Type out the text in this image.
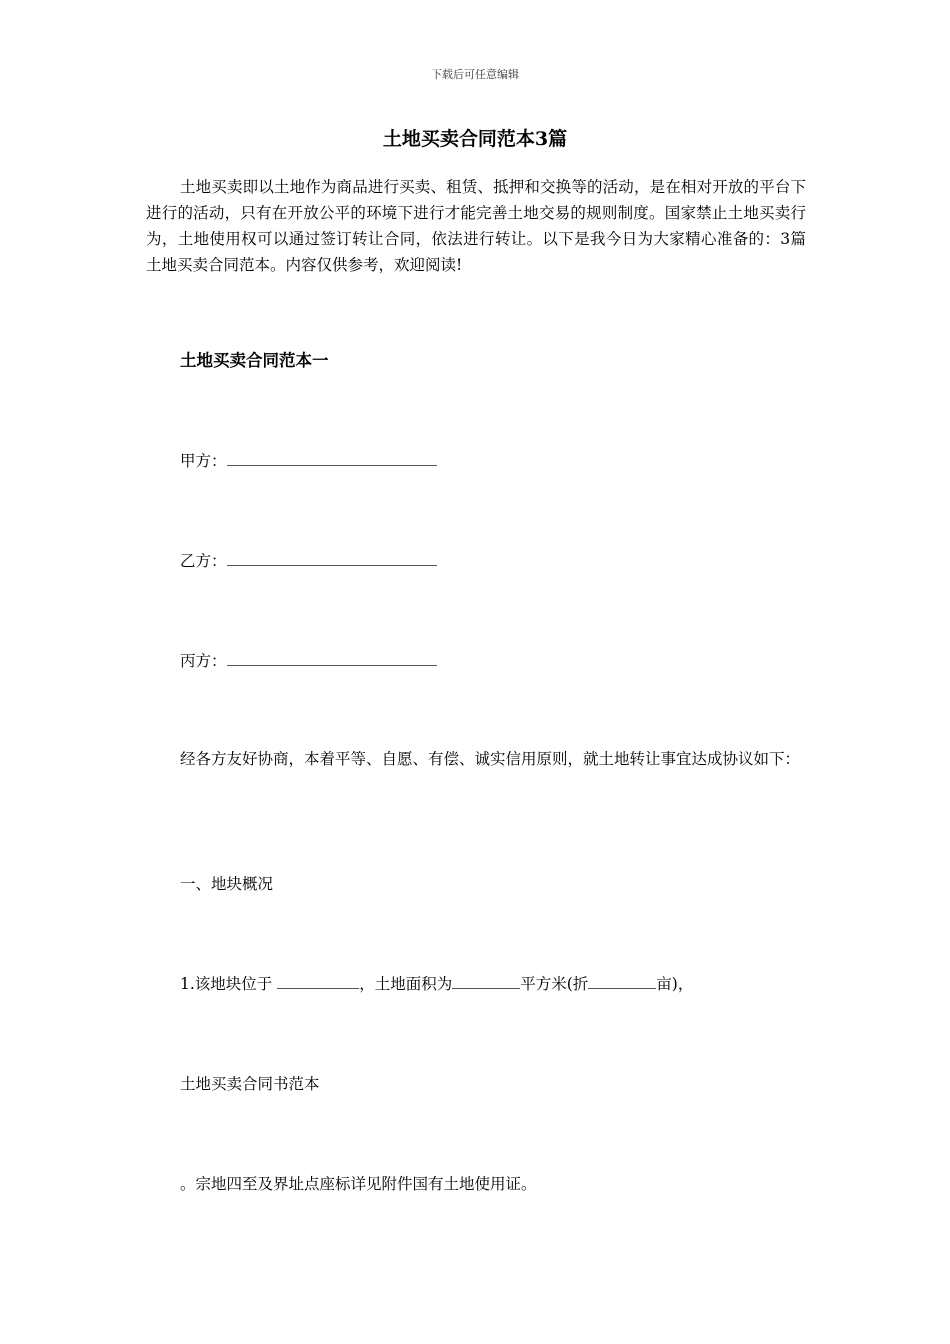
下载后可任意编辑
土地买卖合同范本3篇
土地买卖即以土地作为商品进行买卖、租赁、抵押和交换等的活动，是在相对开放的平台下进行的活动，只有在开放公平的环境下进行才能完善土地交易的规则制度。国家禁止土地买卖行为，土地使用权可以通过签订转让合同，依法进行转让。以下是我今日为大家精心准备的：3篇土地买卖合同范本。内容仅供参考，欢迎阅读!
土地买卖合同范本一
甲方：
乙方：
丙方：
经各方友好协商，本着平等、自愿、有偿、诚实信用原则，就土地转让事宜达成协议如下：
一、地块概况
1.该地块位于	，土地面积为	平方米(折	亩)，
土地买卖合同书范本
。宗地四至及界址点座标详见附件国有土地使用证。
